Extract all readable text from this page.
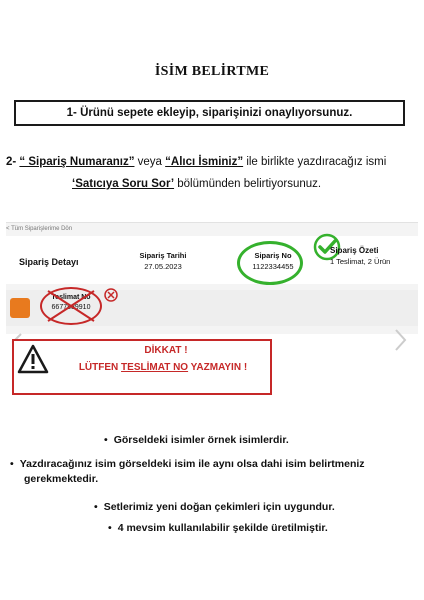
İSİM BELİRTME
1- Ürünü sepete ekleyip, siparişinizi onaylıyorsunuz.
2- “ Sipariş Numaranız” veya “Alıcı İsminiz” ile birlikte yazdıracağız ismi
‘Satıcıya Soru Sor’ bölümünden belirtiyorsunuz.
< Tüm Siparişlerime Dön
Sipariş Detayı
Sipariş Tarihi
27.05.2023
Sipariş No
1122334455
Sipariş Özeti
1 Teslimat, 2 Ürün
Teslimat No
6677889910
DİKKAT !
LÜTFEN TESLİMAT NO YAZMAYIN !
• Görseldeki isimler örnek isimlerdir.
• Yazdıracağınız isim görseldeki isim ile aynı olsa dahi isim belirtmeniz
gerekmektedir.
• Setlerimiz yeni doğan çekimleri için uygundur.
• 4 mevsim kullanılabilir şekilde üretilmiştir.
